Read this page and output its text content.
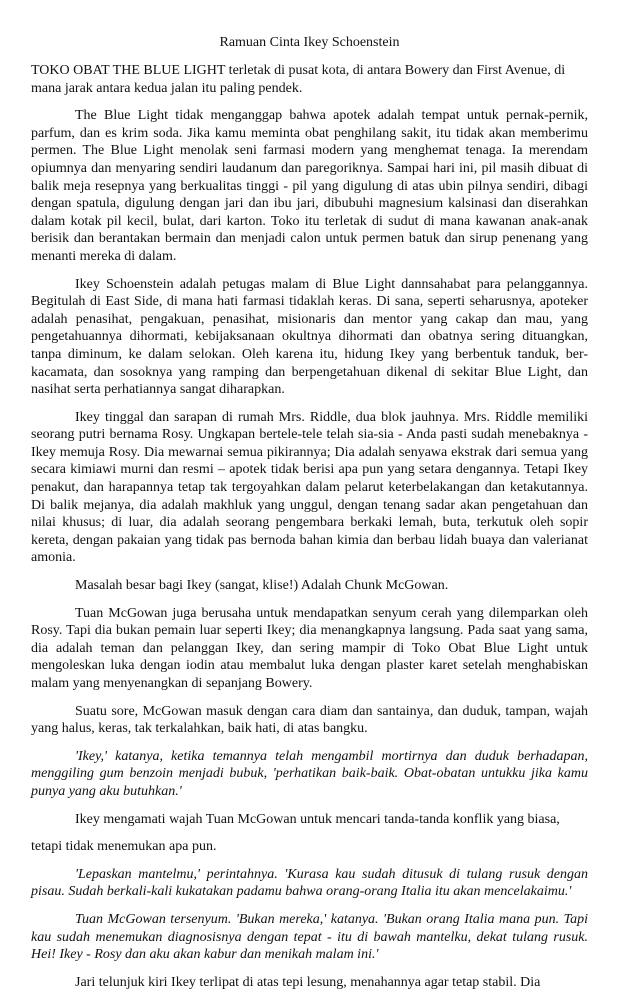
Ramuan Cinta Ikey Schoenstein

TOKO OBAT THE BLUE LIGHT terletak di pusat kota, di antara Bowery dan First Avenue, di mana jarak antara kedua jalan itu paling pendek.

The Blue Light tidak menganggap bahwa apotek adalah tempat untuk pernak-pernik, parfum, dan es krim soda. Jika kamu meminta obat penghilang sakit, itu tidak akan memberimu permen. The Blue Light menolak seni farmasi modern yang menghemat tenaga. Ia merendam opiumnya dan menyaring sendiri laudanum dan paregoriknya. Sampai hari ini, pil masih dibuat di balik meja resepnya yang berkualitas tinggi - pil yang digulung di atas ubin pilnya sendiri, dibagi dengan spatula, digulung dengan jari dan ibu jari, dibubuhi magnesium kalsinasi dan diserahkan dalam kotak pil kecil, bulat, dari karton. Toko itu terletak di sudut di mana kawanan anak-anak berisik dan berantakan bermain dan menjadi calon untuk permen batuk dan sirup penenang yang menanti mereka di dalam.

Ikey Schoenstein adalah petugas malam di Blue Light dannsahabat para pelanggannya. Begitulah di East Side, di mana hati farmasi tidaklah keras. Di sana, seperti seharusnya, apoteker adalah penasihat, pengakuan, penasihat, misionaris dan mentor yang cakap dan mau, yang pengetahuannya dihormati, kebijaksanaan okultnya dihormati dan obatnya sering dituangkan, tanpa diminum, ke dalam selokan. Oleh karena itu, hidung Ikey yang berbentuk tanduk, ber-kacamata, dan sosoknya yang ramping dan berpengetahuan dikenal di sekitar Blue Light, dan nasihat serta perhatiannya sangat diharapkan.

Ikey tinggal dan sarapan di rumah Mrs. Riddle, dua blok jauhnya. Mrs. Riddle memiliki seorang putri bernama Rosy. Ungkapan bertele-tele telah sia-sia - Anda pasti sudah menebaknya - Ikey memuja Rosy. Dia mewarnai semua pikirannya; Dia adalah senyawa ekstrak dari semua yang secara kimiawi murni dan resmi – apotek tidak berisi apa pun yang setara dengannya. Tetapi Ikey penakut, dan harapannya tetap tak tergoyahkan dalam pelarut keterbelakangan dan ketakutannya. Di balik mejanya, dia adalah makhluk yang unggul, dengan tenang sadar akan pengetahuan dan nilai khusus; di luar, dia adalah seorang pengembara berkaki lemah, buta, terkutuk oleh sopir kereta, dengan pakaian yang tidak pas bernoda bahan kimia dan berbau lidah buaya dan valerianat amonia.

Masalah besar bagi Ikey (sangat, klise!) Adalah Chunk McGowan.

Tuan McGowan juga berusaha untuk mendapatkan senyum cerah yang dilemparkan oleh Rosy. Tapi dia bukan pemain luar seperti Ikey; dia menangkapnya langsung. Pada saat yang sama, dia adalah teman dan pelanggan Ikey, dan sering mampir di Toko Obat Blue Light untuk mengoleskan luka dengan iodin atau membalut luka dengan plaster karet setelah menghabiskan malam yang menyenangkan di sepanjang Bowery.

Suatu sore, McGowan masuk dengan cara diam dan santainya, dan duduk, tampan, wajah yang halus, keras, tak terkalahkan, baik hati, di atas bangku.

'Ikey,' katanya, ketika temannya telah mengambil mortirnya dan duduk berhadapan, menggiling gum benzoin menjadi bubuk, 'perhatikan baik-baik. Obat-obatan untukku jika kamu punya yang aku butuhkan.'

Ikey mengamati wajah Tuan McGowan untuk mencari tanda-tanda konflik yang biasa,

tetapi tidak menemukan apa pun.

'Lepaskan mantelmu,' perintahnya. 'Kurasa kau sudah ditusuk di tulang rusuk dengan pisau. Sudah berkali-kali kukatakan padamu bahwa orang-orang Italia itu akan mencelakaimu.'

Tuan McGowan tersenyum. 'Bukan mereka,' katanya. 'Bukan orang Italia mana pun. Tapi kau sudah menemukan diagnosisnya dengan tepat - itu di bawah mantelku, dekat tulang rusuk. Hei! Ikey - Rosy dan aku akan kabur dan menikah malam ini.'

Jari telunjuk kiri Ikey terlipat di atas tepi lesung, menahannya agar tetap stabil. Dia
